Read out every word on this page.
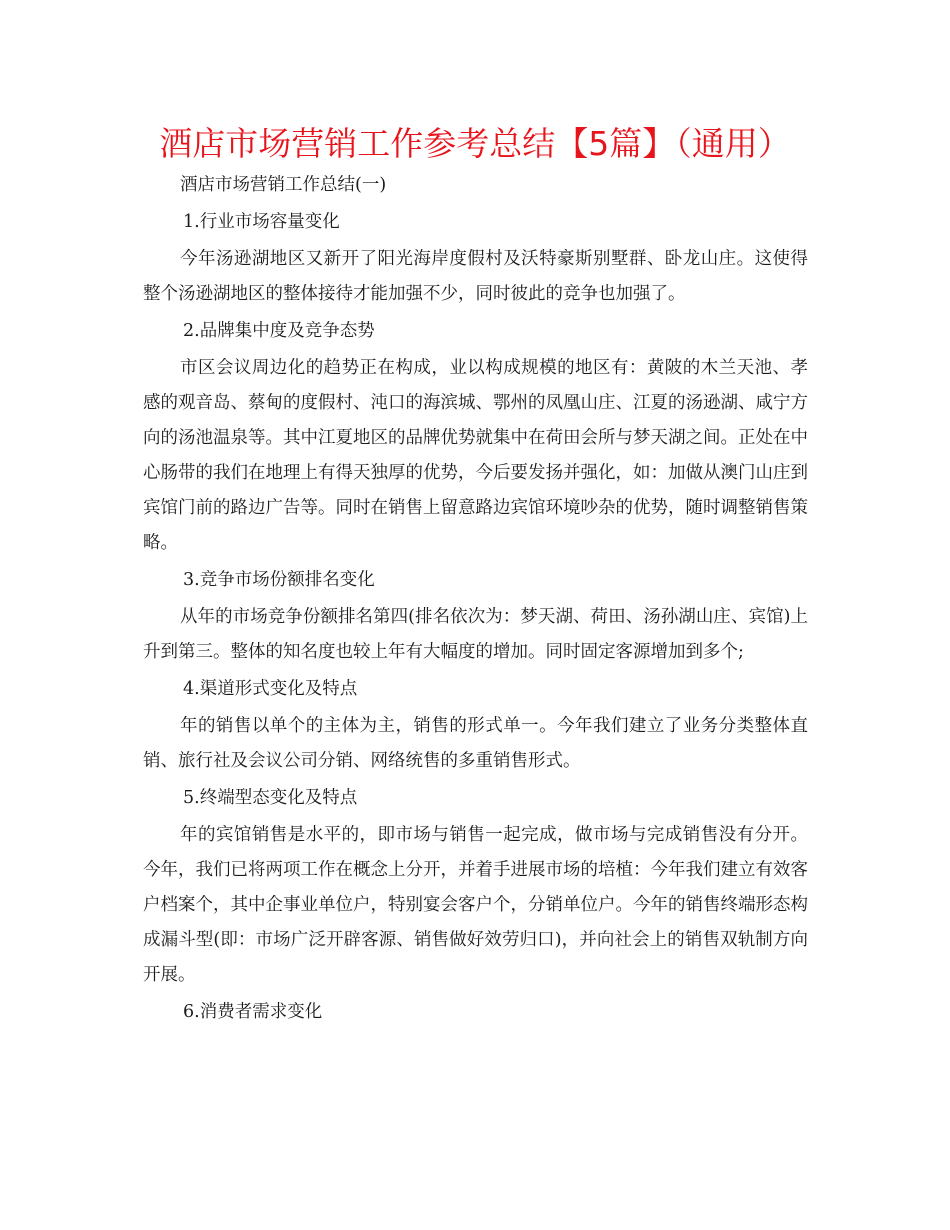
酒店市场营销工作参考总结【5篇】（通用）
酒店市场营销工作总结(一)
1.行业市场容量变化
今年汤逊湖地区又新开了阳光海岸度假村及沃特豪斯别墅群、卧龙山庄。这使得整个汤逊湖地区的整体接待才能加强不少，同时彼此的竞争也加强了。
2.品牌集中度及竞争态势
市区会议周边化的趋势正在构成，业以构成规模的地区有：黄陂的木兰天池、孝感的观音岛、蔡甸的度假村、沌口的海滨城、鄂州的凤凰山庄、江夏的汤逊湖、咸宁方向的汤池温泉等。其中江夏地区的品牌优势就集中在荷田会所与梦天湖之间。正处在中心肠带的我们在地理上有得天独厚的优势，今后要发扬并强化，如：加做从澳门山庄到宾馆门前的路边广告等。同时在销售上留意路边宾馆环境吵杂的优势，随时调整销售策略。
3.竞争市场份额排名变化
从年的市场竞争份额排名第四(排名依次为：梦天湖、荷田、汤孙湖山庄、宾馆)上升到第三。整体的知名度也较上年有大幅度的增加。同时固定客源增加到多个;
4.渠道形式变化及特点
年的销售以单个的主体为主，销售的形式单一。今年我们建立了业务分类整体直销、旅行社及会议公司分销、网络统售的多重销售形式。
5.终端型态变化及特点
年的宾馆销售是水平的，即市场与销售一起完成，做市场与完成销售没有分开。今年，我们已将两项工作在概念上分开，并着手进展市场的培植：今年我们建立有效客户档案个，其中企事业单位户，特别宴会客户个，分销单位户。今年的销售终端形态构成漏斗型(即：市场广泛开辟客源、销售做好效劳归口)，并向社会上的销售双轨制方向开展。
6.消费者需求变化
